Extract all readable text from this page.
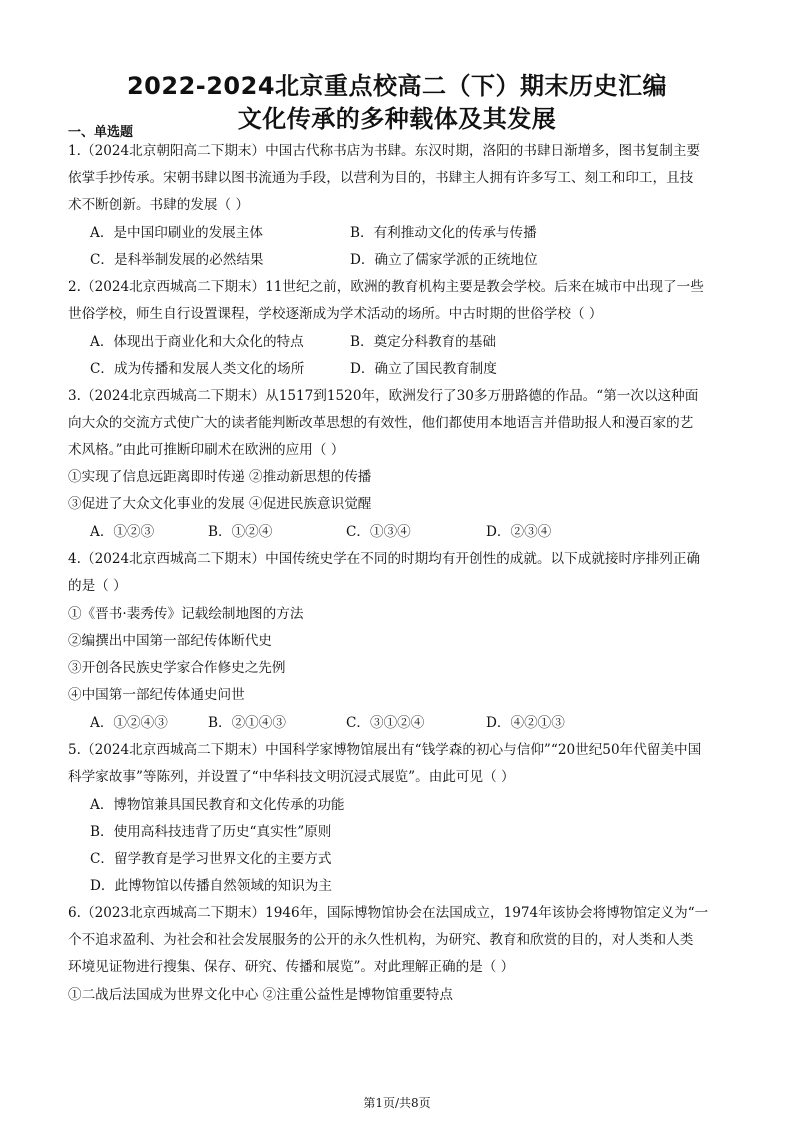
2022-2024北京重点校高二（下）期末历史汇编
文化传承的多种载体及其发展
一、单选题
1.（2024北京朝阳高二下期末）中国古代称书店为书肆。东汉时期，洛阳的书肆日渐增多，图书复制主要
依掌手抄传承。宋朝书肆以图书流通为手段，以营利为目的，书肆主人拥有许多写工、刻工和印工，且技
术不断创新。书肆的发展（ ）
A．是中国印刷业的发展主体	B．有利推动文化的传承与传播
C．是科举制发展的必然结果	D．确立了儒家学派的正统地位
2.（2024北京西城高二下期末）11世纪之前，欧洲的教育机构主要是教会学校。后来在城市中出现了一些
世俗学校，师生自行设置课程，学校逐渐成为学术活动的场所。中古时期的世俗学校（ ）
A．体现出于商业化和大众化的特点	B．奠定分科教育的基础
C．成为传播和发展人类文化的场所	D．确立了国民教育制度
3.（2024北京西城高二下期末）从1517到1520年，欧洲发行了30多万册路德的作品。“第一次以这种面
向大众的交流方式使广大的读者能判断改革思想的有效性，他们都使用本地语言并借助报人和漫百家的艺
术风格。”由此可推断印刷术在欧洲的应用（ ）
①实现了信息远距离即时传递 ②推动新思想的传播
③促进了大众文化事业的发展 ④促进民族意识觉醒
A．①②③	B．①②④	C．①③④	D．②③④
4.（2024北京西城高二下期末）中国传统史学在不同的时期均有开创性的成就。以下成就接时序排列正确
的是（ ）
①《晋书·裴秀传》记载绘制地图的方法
②编撰出中国第一部纪传体断代史
③开创各民族史学家合作修史之先例
④中国第一部纪传体通史问世
A．①②④③	B．②①④③	C．③①②④	D．④②①③
5.（2024北京西城高二下期末）中国科学家博物馆展出有“钱学森的初心与信仰”“20世纪50年代留美中国
科学家故事”等陈列，并设置了“中华科技文明沉浸式展览”。由此可见（ ）
A．博物馆兼具国民教育和文化传承的功能
B．使用高科技违背了历史“真实性”原则
C．留学教育是学习世界文化的主要方式
D．此博物馆以传播自然领域的知识为主
6.（2023北京西城高二下期末）1946年，国际博物馆协会在法国成立，1974年该协会将博物馆定义为“一
个不追求盈利、为社会和社会发展服务的公开的永久性机构，为研究、教育和欣赏的目的，对人类和人类
环境见证物进行搜集、保存、研究、传播和展览”。对此理解正确的是（ ）
①二战后法国成为世界文化中心 ②注重公益性是博物馆重要特点
第1页/共8页
